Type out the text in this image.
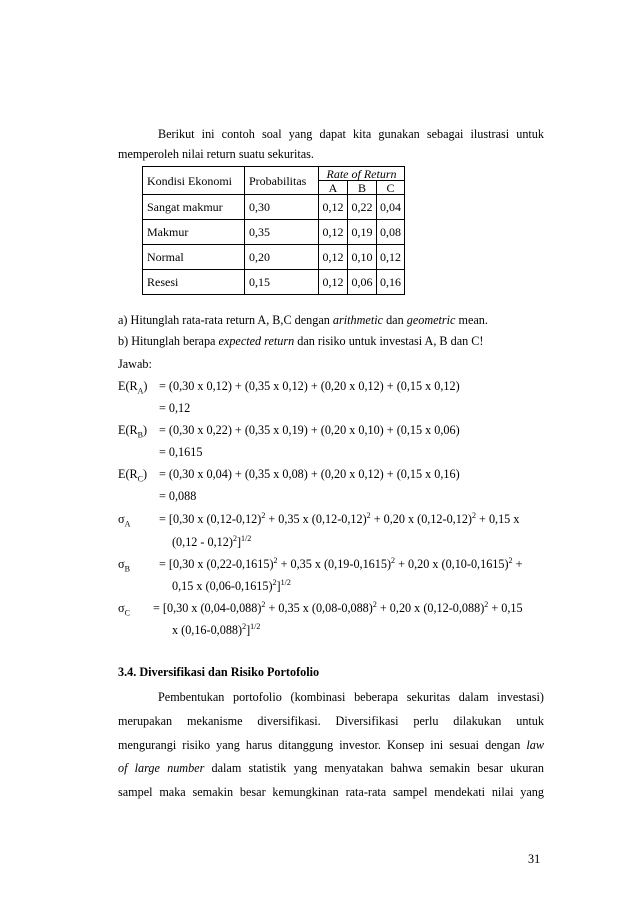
Berikut ini contoh soal yang dapat kita gunakan sebagai ilustrasi untuk
memperoleh nilai return suatu sekuritas.
Kondisi Ekonomi	Probabilitas	Rate of Return		
		A	B	C
Sangat makmur	0,30	0,12	0,22	0,04
Makmur	0,35	0,12	0,19	0,08
Normal	0,20	0,12	0,10	0,12
Resesi	0,15	0,12	0,06	0,16
a) Hitunglah rata-rata return A, B,C dengan arithmetic dan geometric mean.
b) Hitunglah berapa expected return dan risiko untuk investasi A, B dan C!
Jawab:
$E(R_A) = (0,30$ x 0,12) + (0,35 x 0,12) + (0,20 x 0,12) + (0,15 x 0,12)
= 0,12
$E(R_B) = (0,30$ x 0,22) + (0,35 x 0,19) + (0,20 x 0,10) + (0,15 x 0,06)
= 0,1615
$E(R_C) = (0,30$ x 0,04) + (0,35 x 0,08) + (0,20 x 0,12) + (0,15 x 0,16)
= 0,088
$\sigma_A = [0,30$ x $(0,12-0,12)^2 + 0,35$ x $(0,12-0,12)^2 + 0,20$ x $(0,12-0,12)^2 + 0,15$ x
(0,12 - 0,12)$^2$]$^{1/2}$
$\sigma_B = [0,30$ x $(0,22-0,1615)^2 + 0,35$ x $(0,19-0,1615)^2 + 0,20$ x $(0,10-0,1615)^2$ +
0,15 x $(0,06-0,1615)^2]^{1/2}$
$\sigma_C = [0,30$ x $(0,04-0,088)^2 + 0,35$ x $(0,08-0,088)^2 + 0,20$ x $(0,12-0,088)^2 + 0,15$
x $(0,16-0,088)^2]^{1/2}$
3.4. Diversifikasi dan Risiko Portofolio
Pembentukan portofolio (kombinasi beberapa sekuritas dalam investasi)
merupakan mekanisme diversifikasi. Diversifikasi perlu dilakukan untuk
mengurangi risiko yang harus ditanggung investor. Konsep ini sesuai dengan law
of large number dalam statistik yang menyatakan bahwa semakin besar ukuran
sampel maka semakin besar kemungkinan rata-rata sampel mendekati nilai yang
31
